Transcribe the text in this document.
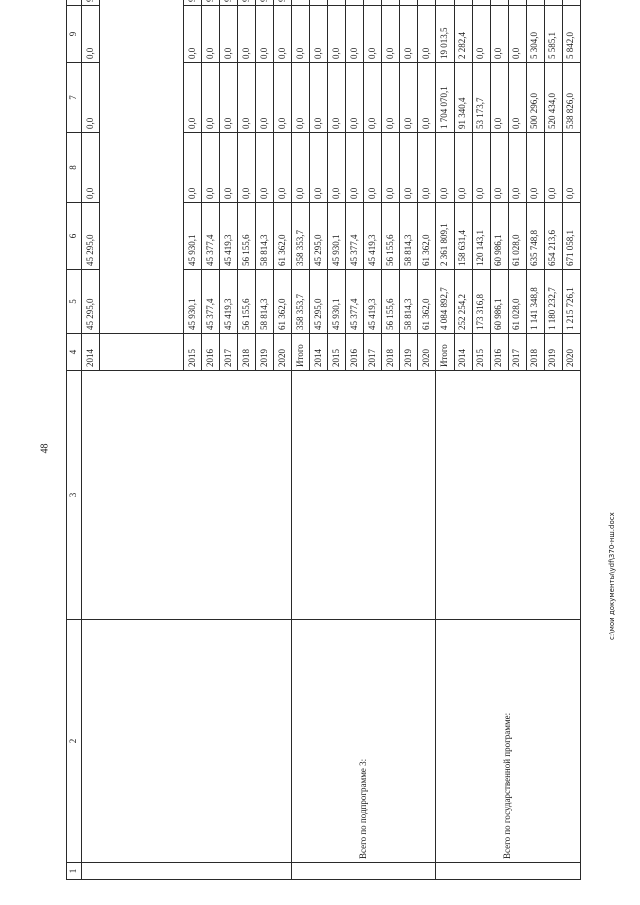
48
1	2	3	4	5	6	8	7	9		
			2014	45 295,0	45 295,0	0,0	0,0	0,0		

			2015	45 930,1	45 930,1	0,0	0,0	0,0	
			2016	45 377,4	45 377,4	0,0	0,0	0,0	
			2017	45 419,3	45 419,3	0,0	0,0	0,0	
			2018	56 155,6	56 155,6	0,0	0,0	0,0	
			2019	58 814,3	58 814,3	0,0	0,0	0,0	
			2020	61 362,0	61 362,0	0,0	0,0	0,0	
	Всего по подпрограмме 3:		Итого	358 353,7	358 353,7	0,0	0,0	0,0			
			2014	45 295,0	45 295,0	0,0	0,0	0,0			
			2015	45 930,1	45 930,1	0,0	0,0	0,0			
			2016	45 377,4	45 377,4	0,0	0,0	0,0			
			2017	45 419,3	45 419,3	0,0	0,0	0,0			
			2018	56 155,6	56 155,6	0,0	0,0	0,0			
			2019	58 814,3	58 814,3	0,0	0,0	0,0			
			2020	61 362,0	61 362,0	0,0	0,0	0,0			
	Всего по государственной программе:		Итого	4 084 892,7	2 361 809,1	0,0	1 704 070,1	19 013,5			
			2014	252 254,2	158 631,4	0,0	91 340,4	2 282,4			
			2015	173 316,8	120 143,1	0,0	53 173,7	0,0			
			2016	60 986,1	60 986,1	0,0	0,0	0,0			
			2017	61 028,0	61 028,0	0,0	0,0	0,0			
			2018	1 141 348,8	635 748,8	0,0	500 296,0	5 304,0			
			2019	1 180 232,7	654 213,6	0,0	520 434,0	5 585,1			
			2020	1 215 726,1	671 058,1	0,0	538 826,0	5 842,0			
c:\мои документы\ydf\370-нш.docx
